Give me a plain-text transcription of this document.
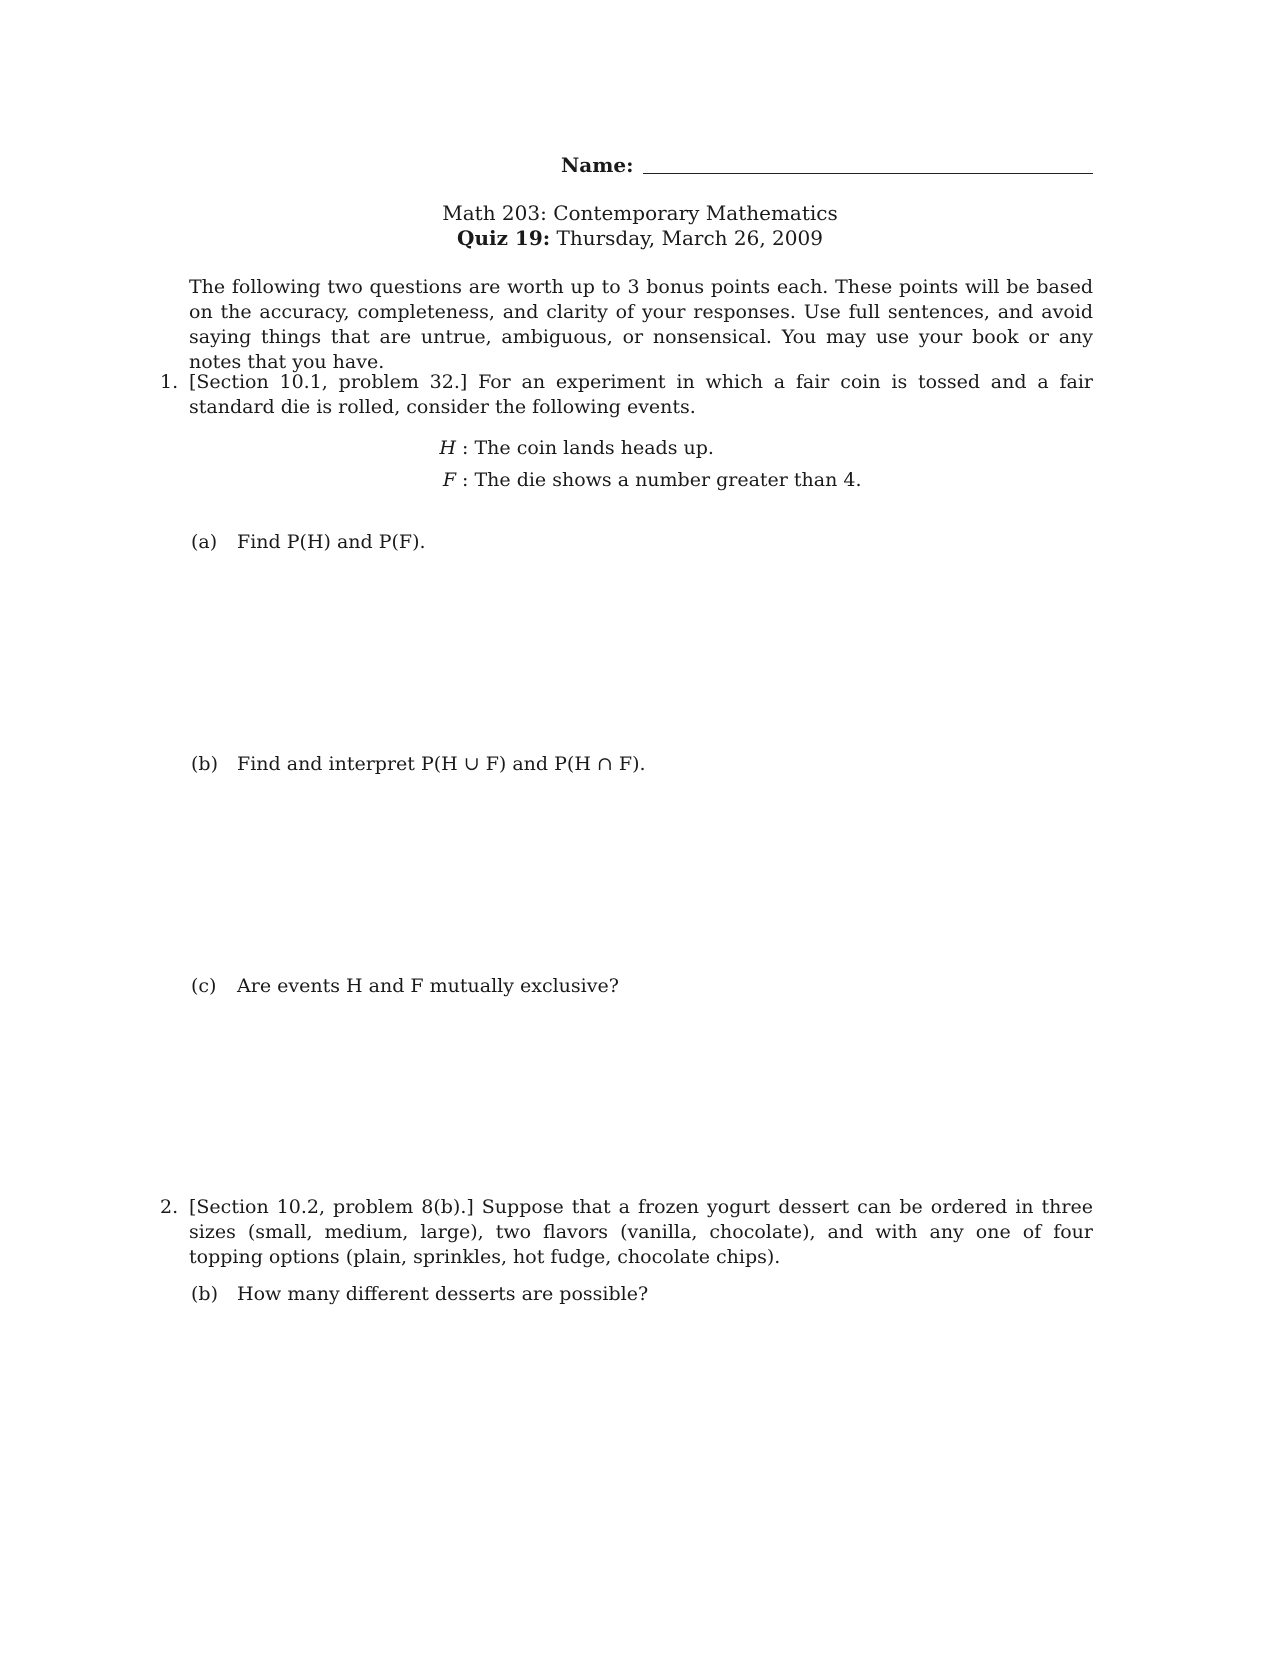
Name:
Math 203: Contemporary Mathematics
Quiz 19: Thursday, March 26, 2009
The following two questions are worth up to 3 bonus points each. These points will be based on the accuracy, completeness, and clarity of your responses. Use full sentences, and avoid saying things that are untrue, ambiguous, or nonsensical. You may use your book or any notes that you have.
1. [Section 10.1, problem 32.] For an experiment in which a fair coin is tossed and a fair standard die is rolled, consider the following events.
H : The coin lands heads up.
F : The die shows a number greater than 4.
(a) Find P(H) and P(F).
(b) Find and interpret P(H ∪ F) and P(H ∩ F).
(c) Are events H and F mutually exclusive?
2. [Section 10.2, problem 8(b).] Suppose that a frozen yogurt dessert can be ordered in three sizes (small, medium, large), two flavors (vanilla, chocolate), and with any one of four topping options (plain, sprinkles, hot fudge, chocolate chips).
(b) How many different desserts are possible?
